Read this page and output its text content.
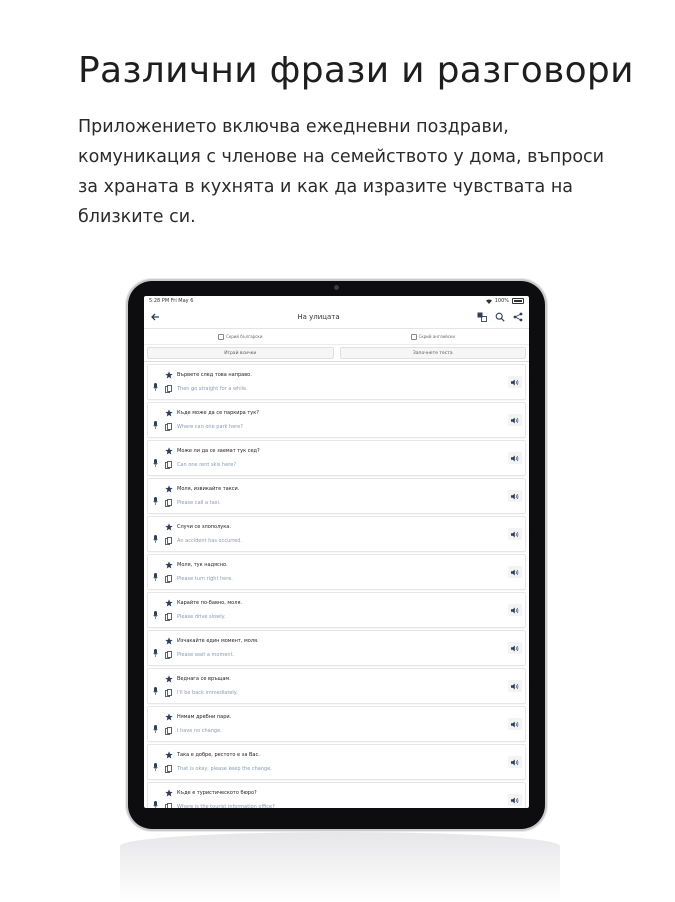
Различни фрази и разговори

Приложението включва ежедневни поздрави, комуникация с членове на семейството у дома, въпроси за храната в кухнята и как да изразите чувствата на близките си.

5:28 PM Fri May 6	100%
На улицата
Скрий български	Скрий английски
Играй всички	Започнете теста
Вървете след това направо.
Then go straight for a while.
Къде може да се паркира тук?
Where can one park here?
Може ли да се заемат тук сед?
Can one rent skis here?
Моля, извикайте такси.
Please call a taxi.
Случи се злополука.
An accident has occurred.
Моля, тук надясно.
Please turn right here.
Карайте по-бавно, моля.
Please drive slowly.
Изчакайте един момент, моля.
Please wait a moment.
Веднага се връщам.
I'll be back immediately.
Нямам дребни пари.
I have no change.
Така е добре, рестото е за Вас.
That is okay, please keep the change.
Къде е туристическото бюро?
Where is the tourist information office?
